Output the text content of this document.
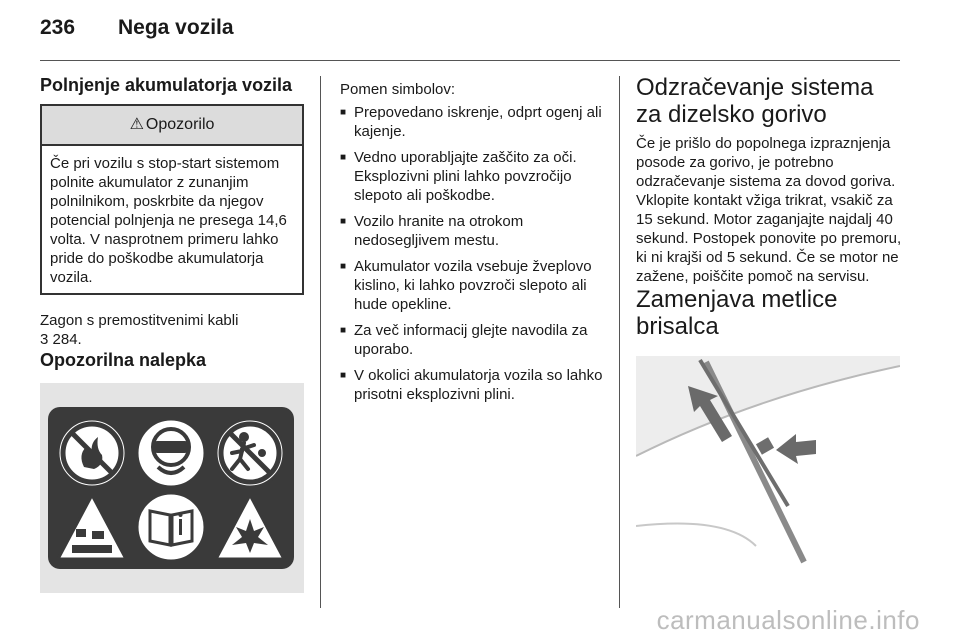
236 Nega vozila
Polnjenje akumulatorja vozila
⚠ Opozorilo
Če pri vozilu s stop-start sistemom polnite akumulator z zunanjim polnilnikom, poskrbite da njegov potencial polnjenja ne presega 14,6 volta. V nasprotnem primeru lahko pride do poškodbe akumulatorja vozila.

Zagon s premostitvenimi kabli

3 284.
Opozorilna nalepka

Pomen simbolov:

■ Prepovedano iskrenje, odprt ogenj ali kajenje.
■ Vedno uporabljajte zaščito za oči. Eksplozivni plini lahko povzročijo slepoto ali poškodbe.
■ Vozilo hranite na otrokom nedosegljivem mestu.
■ Akumulator vozila vsebuje žveplovo kislino, ki lahko povzroči slepoto ali hude opekline.
■ Za več informacij glejte navodila za uporabo.
■ V okolici akumulatorja vozila so lahko prisotni eksplozivni plini.
Odzračevanje sistema za dizelsko gorivo

Če je prišlo do popolnega izpraznjenja posode za gorivo, je potrebno odzračevanje sistema za dovod goriva. Vklopite kontakt vžiga trikrat, vsakič za 15 sekund. Motor zaganjajte najdalj 40 sekund. Postopek ponovite po premoru, ki ni krajši od 5 sekund. Če se motor ne zažene, poiščite pomoč na servisu.

Zamenjava metlice brisalca
carmanualsonline.info
